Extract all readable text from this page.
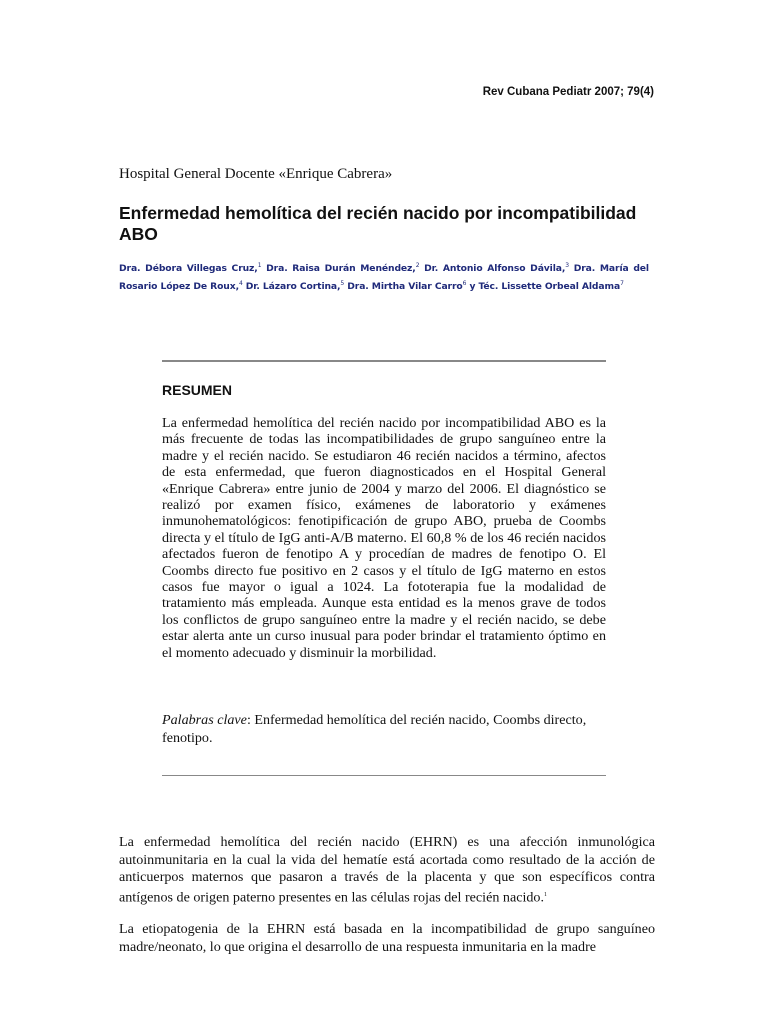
Rev Cubana Pediatr 2007; 79(4)
Hospital General Docente «Enrique Cabrera»
Enfermedad hemolítica del recién nacido por incompatibilidad ABO
Dra. Débora Villegas Cruz,$^1$ Dra. Raisa Durán Menéndez,$^2$ Dr. Antonio Alfonso Dávila,$^3$ Dra. María del Rosario López De Roux,$^4$ Dr. Lázaro Cortina,$^5$ Dra. Mirtha Vilar Carro$^6$ y Téc. Lissette Orbeal Aldama$^7$
RESUMEN

La enfermedad hemolítica del recién nacido por incompatibilidad ABO es la más frecuente de todas las incompatibilidades de grupo sanguíneo entre la madre y el recién nacido. Se estudiaron 46 recién nacidos a término, afectos de esta enfermedad, que fueron diagnosticados en el Hospital General «Enrique Cabrera» entre junio de 2004 y marzo del 2006. El diagnóstico se realizó por examen físico, exámenes de laboratorio y exámenes inmunohematológicos: fenotipificación de grupo ABO, prueba de Coombs directa y el título de IgG anti-A/B materno. El 60,8 % de los 46 recién nacidos afectados fueron de fenotipo A y procedían de madres de fenotipo O. El Coombs directo fue positivo en 2 casos y el título de IgG materno en estos casos fue mayor o igual a 1024. La fototerapia fue la modalidad de tratamiento más empleada. Aunque esta entidad es la menos grave de todos los conflictos de grupo sanguíneo entre la madre y el recién nacido, se debe estar alerta ante un curso inusual para poder brindar el tratamiento óptimo en el momento adecuado y disminuir la morbilidad.

Palabras clave: Enfermedad hemolítica del recién nacido, Coombs directo, fenotipo.

La enfermedad hemolítica del recién nacido (EHRN) es una afección inmunológica autoinmunitaria en la cual la vida del hematíe está acortada como resultado de la acción de anticuerpos maternos que pasaron a través de la placenta y que son específicos contra antígenos de origen paterno presentes en las células rojas del recién nacido.$^1$

La etiopatogenia de la EHRN está basada en la incompatibilidad de grupo sanguíneo madre/neonato, lo que origina el desarrollo de una respuesta inmunitaria en la madre
